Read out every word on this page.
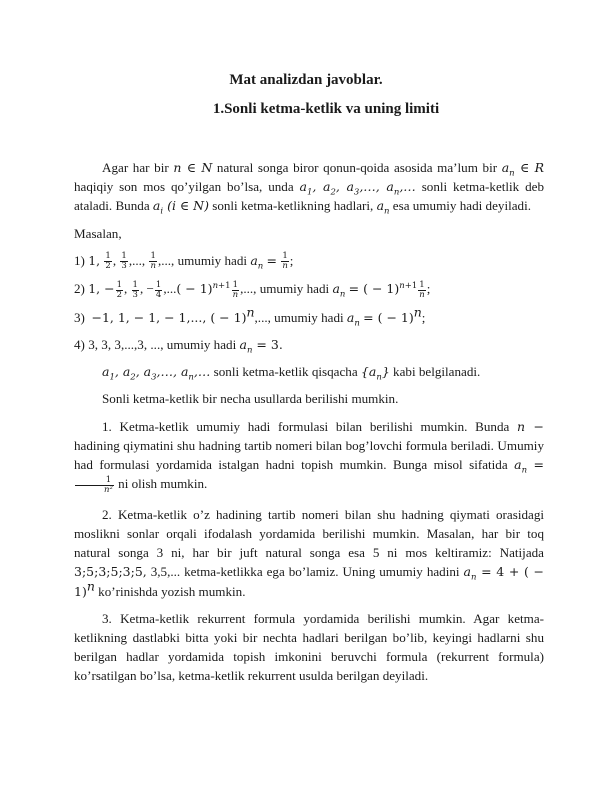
Mat analizdan javoblar.
1.Sonli ketma-ketlik va uning limiti

Agar har bir n ∈ N natural songa biror qonun-qoida asosida ma’lum bir $a_n$ ∈ R haqiqiy son mos qo’yilgan bo’lsa, unda $a_1$, $a_2$, $a_3,\dots$, $a_n,\dots$ sonli ketma-ketlik deb ataladi. Bunda $a_i$ (i ∈ N) sonli ketma-ketlikning hadlari, $a_n$ esa umumiy hadi deyiladi.

Masalan,

1) 1, $\frac{1}{2}$ , $\frac{1}{3}$ ,..., $\frac{1}{n}$ ,..., umumiy hadi $a_n = \frac{1}{n}$ ;

2) 1, − $\frac{1}{2}$ , $\frac{1}{3}$ , − $\frac{1}{4}$ ,...( − $1)^{n+1} \frac{1}{n}$ ,..., umumiy hadi $a_n$ = ( − $1)^{n+1} \frac{1}{n}$ ;

3) −1, 1, − 1, − 1,..., ( − 1)$^n$,..., umumiy hadi $a_n$ = ( − 1)$^n$;

4) 3, 3, 3,...,3, ..., umumiy hadi $a_n = 3$.

$a_1$, $a_2$, $a_3,\dots$, $a_n,\dots$ sonli ketma-ketlik qisqacha $\{a_n\}$ kabi belgilanadi.

Sonli ketma-ketlik bir necha usullarda berilishi mumkin.

1. Ketma-ketlik umumiy hadi formulasi bilan berilishi mumkin. Bunda n − hadining qiymatini shu hadning tartib nomeri bilan bog’lovchi formula beriladi. Umumiy had formulasi yordamida istalgan hadni topish mumkin. Bunga misol sifatida $a_n$ =
$\frac{1}{\text{n²}}$ ni olish mumkin.

2. Ketma-ketlik o’z hadining tartib nomeri bilan shu hadning qiymati orasidagi moslikni sonlar orqali ifodalash yordamida berilishi mumkin. Masalan, har bir toq natural songa 3 ni, har bir juft natural songa esa 5 ni mos keltiramiz: Natijada 3;5;3;5;3;5, 3,5,... ketma-ketlikka ega bo’lamiz. Uning umumiy hadini $a_n = 4$ + ( − 1)$^n$ ko’rinishda yozish mumkin.

3. Ketma-ketlik rekurrent formula yordamida berilishi mumkin. Agar ketma-ketlikning dastlabki bitta yoki bir nechta hadlari berilgan bo’lib, keyingi hadlarni shu berilgan hadlar yordamida topish imkonini beruvchi formula (rekurrent formula) ko’rsatilgan bo’lsa, ketma-ketlik rekurrent usulda berilgan deyiladi.
